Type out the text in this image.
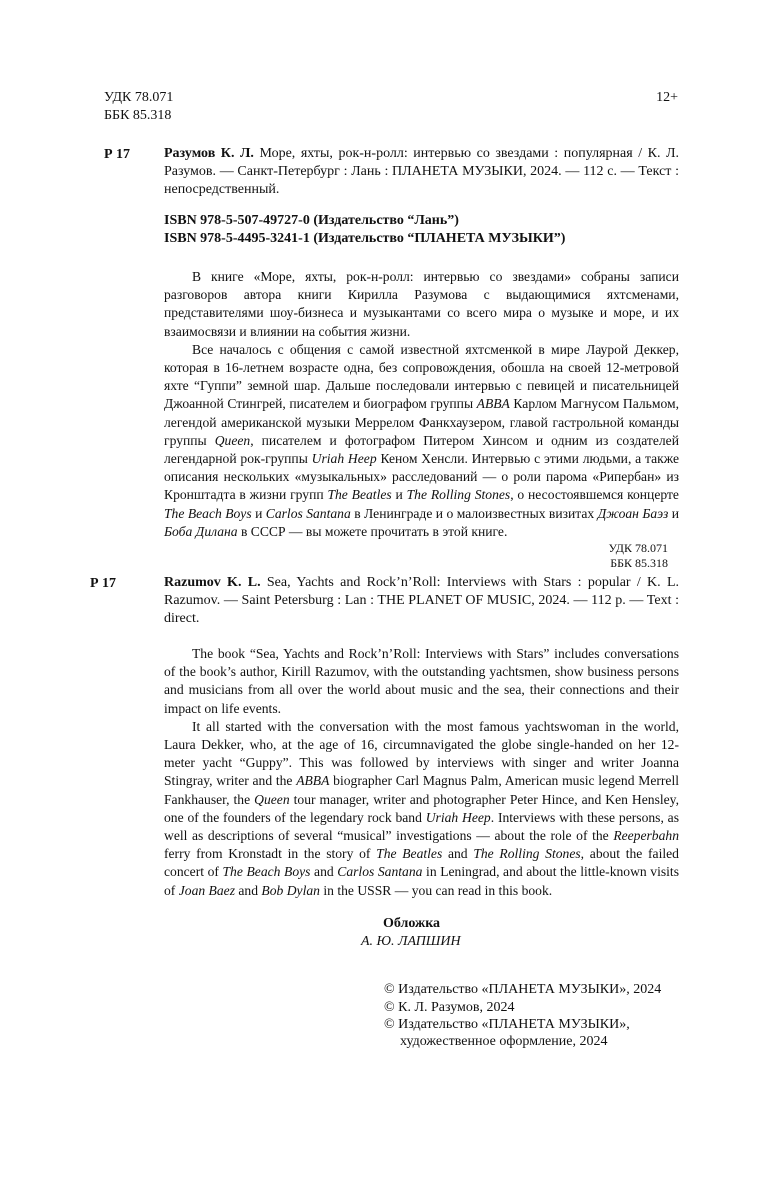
УДК 78.071
ББК 85.318
12+
Р 17 Разумов К. Л. Море, яхты, рок-н-ролл: интервью со звездами : популярная / К. Л. Разумов. — Санкт-Петербург : Лань : ПЛАНЕТА МУЗЫКИ, 2024. — 112 с. — Текст : непосредственный.
ISBN 978-5-507-49727-0 (Издательство “Лань”)
ISBN 978-5-4495-3241-1 (Издательство “ПЛАНЕТА МУЗЫКИ”)

В книге «Море, яхты, рок-н-ролл: интервью со звездами» собраны записи разговоров автора книги Кирилла Разумова с выдающимися яхтсменами, представителями шоу-бизнеса и музыкантами со всего мира о музыке и море, и их взаимосвязи и влиянии на события жизни.

Все началось с общения с самой известной яхтсменкой в мире Лаурой Деккер, которая в 16-летнем возрасте одна, без сопровождения, обошла на своей 12-метровой яхте “Гуппи” земной шар. Дальше последовали интервью с певицей и писательницей Джоанной Стингрей, писателем и биографом группы ABBA Карлом Магнусом Пальмом, легендой американской музыки Меррелом Фанкхаузером, главой гастрольной команды группы Queen, писателем и фотографом Питером Хинсом и одним из создателей легендарной рок-группы Uriah Heep Кеном Хенсли. Интервью с этими людьми, а также описания нескольких «музыкальных» расследований — о роли парома «Рипербан» из Кронштадта в жизни групп The Beatles и The Rolling Stones, о несостоявшемся концерте The Beach Boys и Carlos Santana в Ленинграде и о малоизвестных визитах Джоан Баэз и Боба Дилана в СССР — вы можете прочитать в этой книге.

УДК 78.071
ББК 85.318
Р 17	Razumov K. L. Sea, Yachts and Rock’n’Roll: Interviews with Stars : popular / K. L. Razumov. — Saint Petersburg : Lan : THE PLANET OF MUSIC, 2024. — 112 p. — Text : direct.

The book “Sea, Yachts and Rock’n’Roll: Interviews with Stars” includes conversations of the book’s author, Kirill Razumov, with the outstanding yachtsmen, show business persons and musicians from all over the world about music and the sea, their connections and their impact on life events.

It all started with the conversation with the most famous yachtswoman in the world, Laura Dekker, who, at the age of 16, circumnavigated the globe single-handed on her 12-meter yacht “Guppy”. This was followed by interviews with singer and writer Joanna Stingray, writer and the ABBA biographer Carl Magnus Palm, American music legend Merrell Fankhauser, the Queen tour manager, writer and photographer Peter Hince, and Ken Hensley, one of the founders of the legendary rock band Uriah Heep. Interviews with these persons, as well as descriptions of several “musical” investigations — about the role of the Reeperbahn ferry from Kronstadt in the story of The Beatles and The Rolling Stones, about the failed concert of The Beach Boys and Carlos Santana in Leningrad, and about the little-known visits of Joan Baez and Bob Dylan in the USSR — you can read in this book.

Обложка
А. Ю. ЛАПШИН
© Издательство «ПЛАНЕТА МУЗЫКИ», 2024
© К. Л. Разумов, 2024
© Издательство «ПЛАНЕТА МУЗЫКИ»,
художественное оформление, 2024
